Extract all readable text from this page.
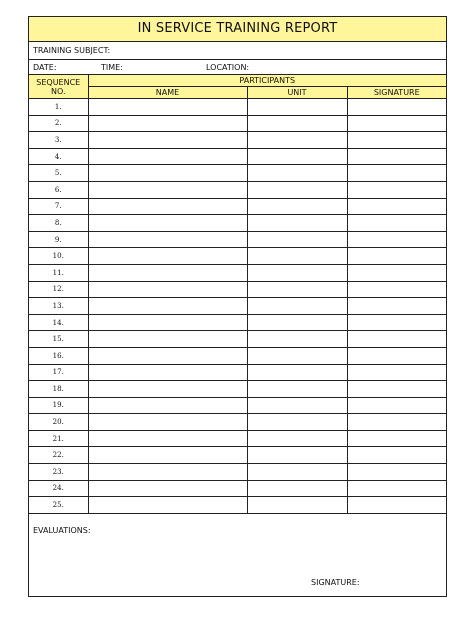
IN SERVICE TRAINING REPORT
TRAINING SUBJECT:
DATE:	TIME:	LOCATION:
SEQUENCE NO.	PARTICIPANTS		
	NAME	UNIT	SIGNATURE
1.			
2.			
3.			
4.			
5.			
6.			
7.			
8.			
9.			
10.			
11.			
12.			
13.			
14.			
15.			
16.			
17.			
18.			
19.			
20.			
21.			
22.			
23.			
24.			
25.			
EVALUATIONS:
SIGNATURE:
